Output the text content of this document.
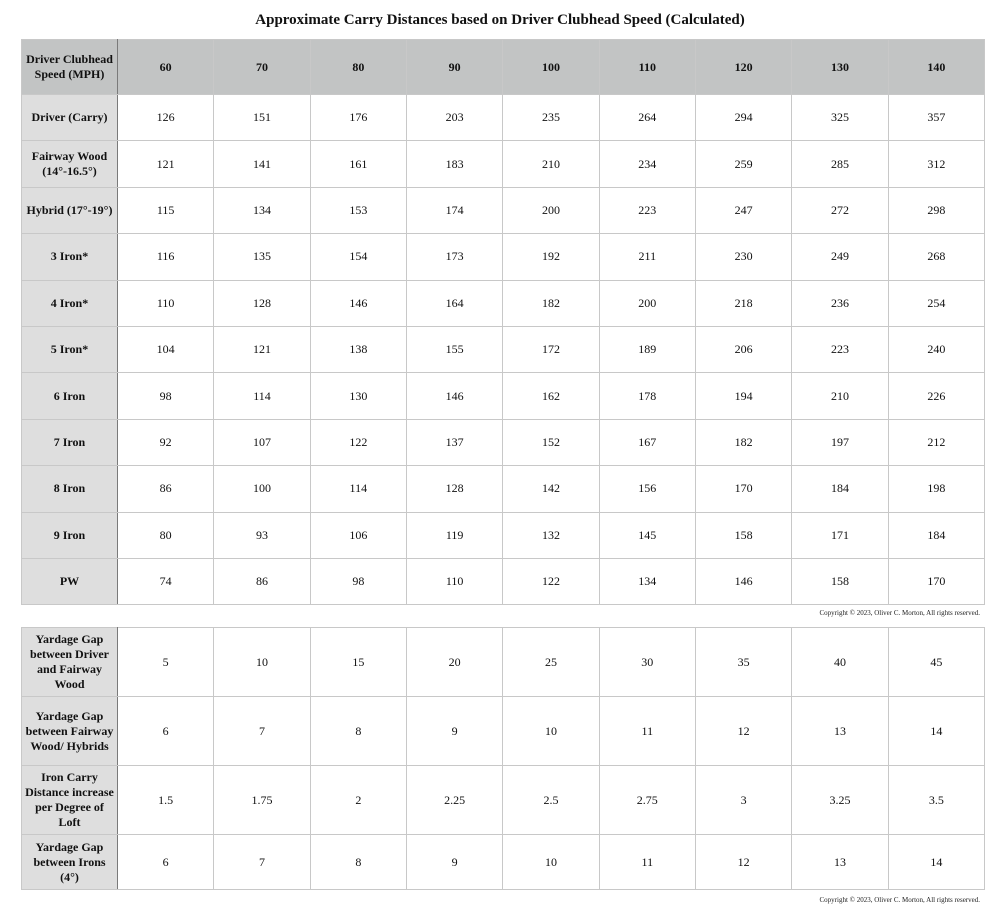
Approximate Carry Distances based on Driver Clubhead Speed (Calculated)
Driver Clubhead Speed (MPH)	60	70	80	90	100	110	120	130	140
Driver (Carry)	126	151	176	203	235	264	294	325	357
Fairway Wood (14°-16.5°)	121	141	161	183	210	234	259	285	312
Hybrid (17°-19°)	115	134	153	174	200	223	247	272	298
3 Iron*	116	135	154	173	192	211	230	249	268
4 Iron*	110	128	146	164	182	200	218	236	254
5 Iron*	104	121	138	155	172	189	206	223	240
6 Iron	98	114	130	146	162	178	194	210	226
7 Iron	92	107	122	137	152	167	182	197	212
8 Iron	86	100	114	128	142	156	170	184	198
9 Iron	80	93	106	119	132	145	158	171	184
PW	74	86	98	110	122	134	146	158	170
Copyright © 2023, Oliver C. Morton, All rights reserved.
Yardage Gap between Driver and Fairway Wood	5	10	15	20	25	30	35	40	45
Yardage Gap between Fairway Wood/ Hybrids	6	7	8	9	10	11	12	13	14
Iron Carry Distance increase per Degree of Loft	1.5	1.75	2	2.25	2.5	2.75	3	3.25	3.5
Yardage Gap between Irons (4°)	6	7	8	9	10	11	12	13	14
Copyright © 2023, Oliver C. Morton, All rights reserved.
